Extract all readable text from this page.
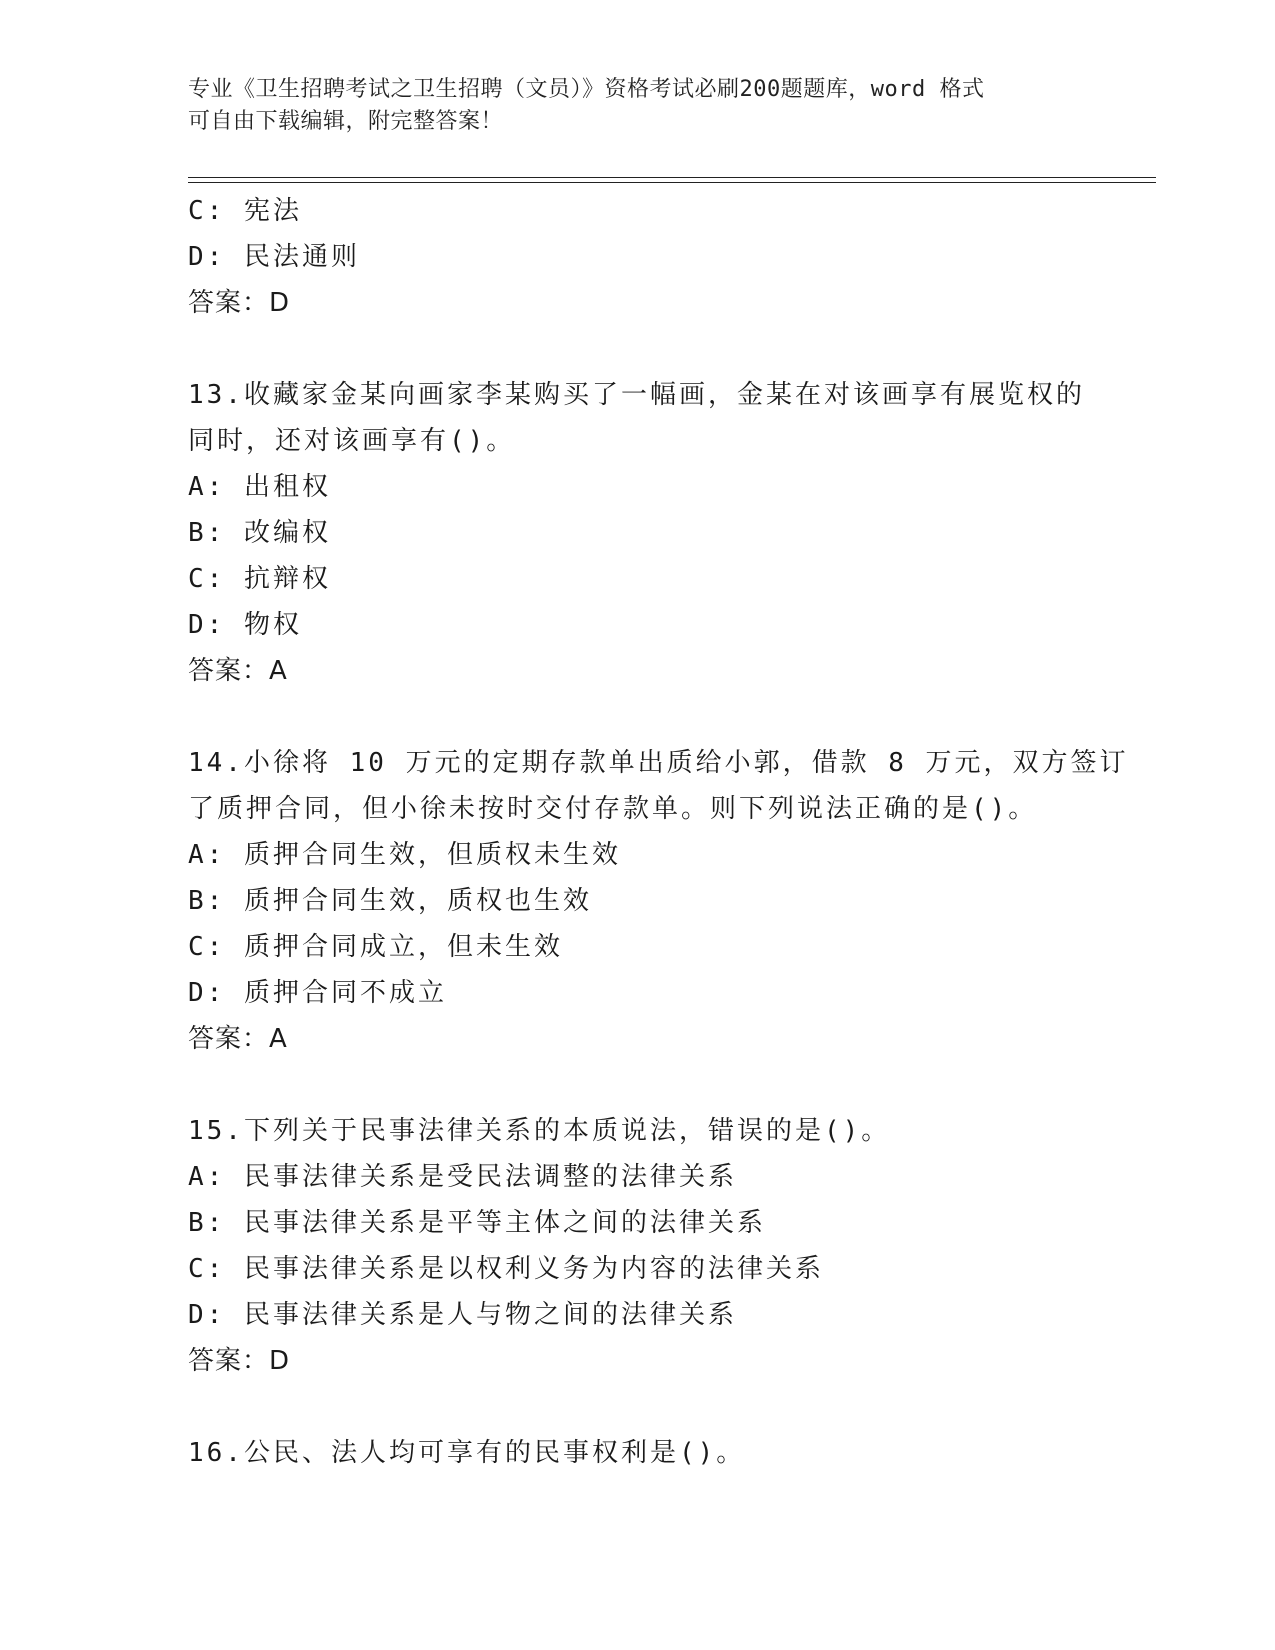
专业《卫生招聘考试之卫生招聘（文员）》资格考试必刷200题题库，word 格式
可自由下载编辑，附完整答案！
C: 宪法
D: 民法通则
答案：D
13.收藏家金某向画家李某购买了一幅画，金某在对该画享有展览权的
同时，还对该画享有()。
A: 出租权
B: 改编权
C: 抗辩权
D: 物权
答案：A
14.小徐将 10 万元的定期存款单出质给小郭，借款 8 万元，双方签订
了质押合同，但小徐未按时交付存款单。则下列说法正确的是()。
A: 质押合同生效，但质权未生效
B: 质押合同生效，质权也生效
C: 质押合同成立，但未生效
D: 质押合同不成立
答案：A
15.下列关于民事法律关系的本质说法，错误的是()。
A: 民事法律关系是受民法调整的法律关系
B: 民事法律关系是平等主体之间的法律关系
C: 民事法律关系是以权利义务为内容的法律关系
D: 民事法律关系是人与物之间的法律关系
答案：D
16.公民、法人均可享有的民事权利是()。
